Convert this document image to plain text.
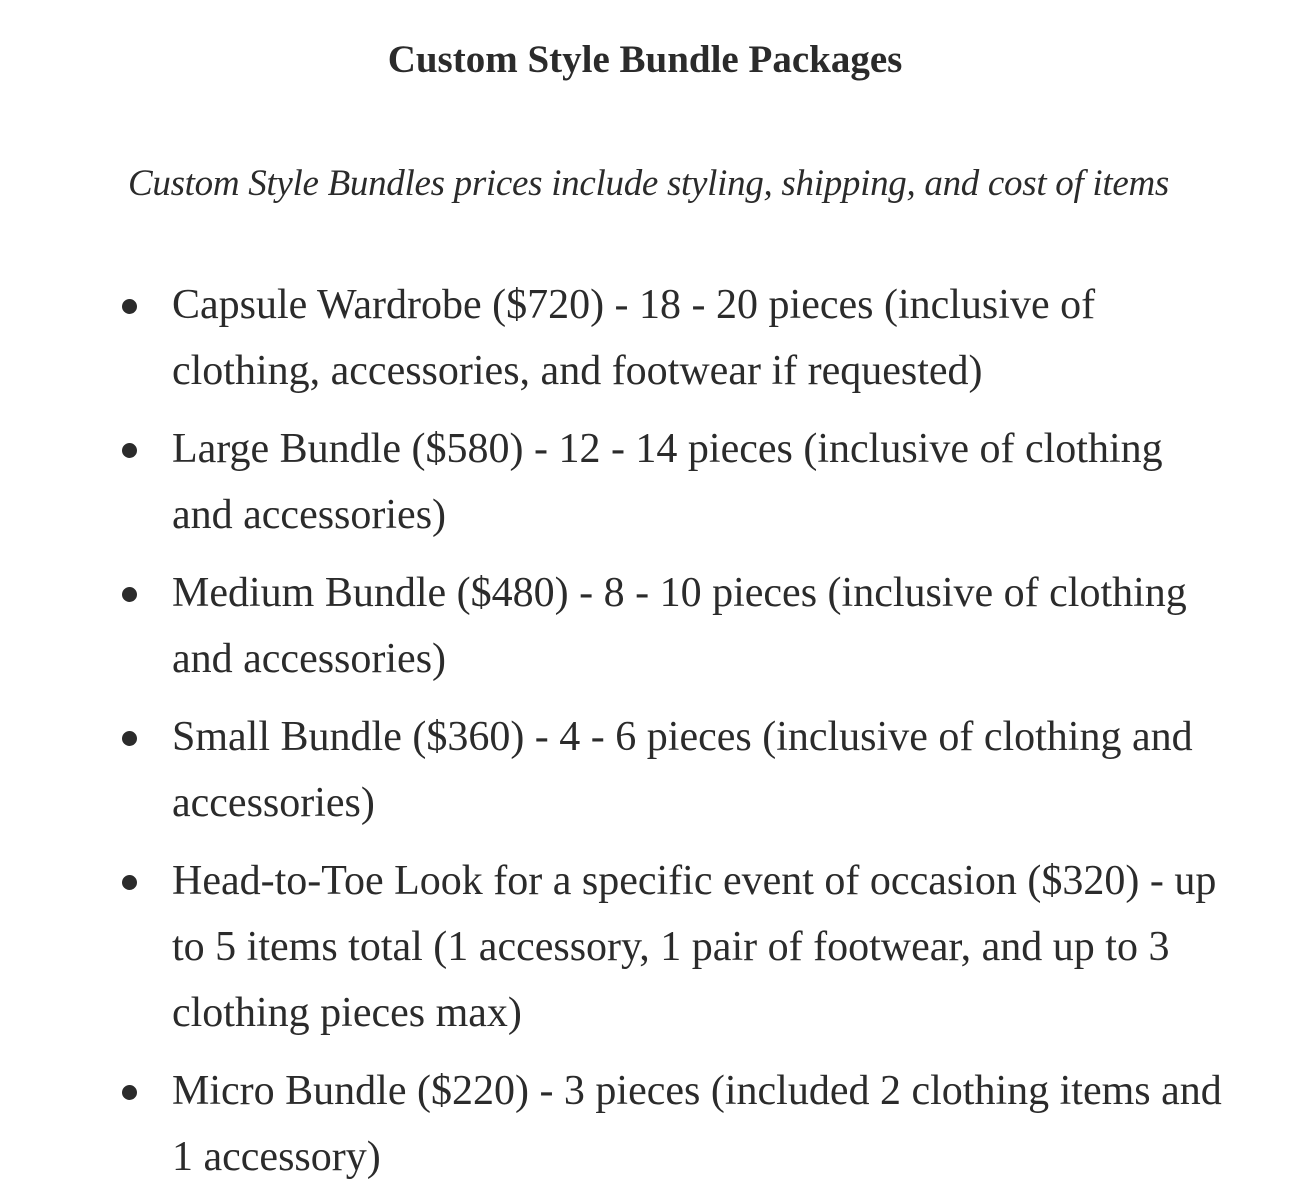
Custom Style Bundle Packages

Custom Style Bundles prices include styling, shipping, and cost of items

Capsule Wardrobe ($720) - 18 - 20 pieces (inclusive of clothing, accessories, and footwear if requested)
Large Bundle ($580) - 12 - 14 pieces (inclusive of clothing and accessories)
Medium Bundle ($480) - 8 - 10 pieces (inclusive of clothing and accessories)
Small Bundle ($360) - 4 - 6 pieces (inclusive of clothing and accessories)
Head-to-Toe Look for a specific event of occasion ($320) - up to 5 items total (1 accessory, 1 pair of footwear, and up to 3 clothing pieces max)
Micro Bundle ($220) - 3 pieces (included 2 clothing items and 1 accessory)
